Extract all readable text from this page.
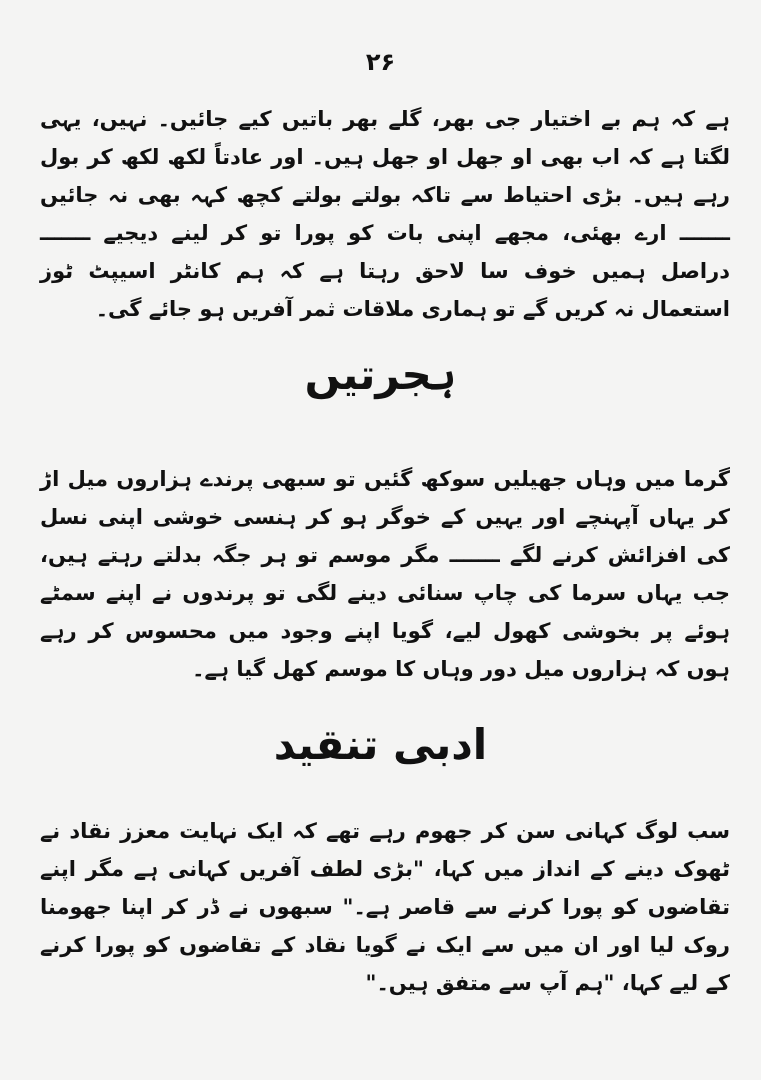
۲۶

ہے کہ ہم بے اختیار جی بھر، گلے بھر باتیں کیے جائیں۔ نہیں، یہی لگتا ہے کہ اب بھی او جھل او جھل ہیں۔ اور عادتاً لکھ لکھ کر بول رہے ہیں۔ بڑی احتیاط سے تاکہ بولتے بولتے کچھ کہہ بھی نہ جائیں ـــــــ ارے بھئی، مجھے اپنی بات کو پورا تو کر لینے دیجیے ـــــــ دراصل ہمیں خوف سا لاحق رہتا ہے کہ ہم کانٹر اسیپٹ ٹوز استعمال نہ کریں گے تو ہماری ملاقات ثمر آفریں ہو جائے گی۔

ہجرتیں

گرما میں وہاں جھیلیں سوکھ گئیں تو سبھی پرندے ہزاروں میل اڑ کر یہاں آپہنچے اور یہیں کے خوگر ہو کر ہنسی خوشی اپنی نسل کی افزائش کرنے لگے ـــــــ مگر موسم تو ہر جگہ بدلتے رہتے ہیں، جب یہاں سرما کی چاپ سنائی دینے لگی تو پرندوں نے اپنے سمٹے ہوئے پر بخوشی کھول لیے، گویا اپنے وجود میں محسوس کر رہے ہوں کہ ہزاروں میل دور وہاں کا موسم کھل گیا ہے۔

ادبی تنقید

سب لوگ کہانی سن کر جھوم رہے تھے کہ ایک نہایت معزز نقاد نے ٹھوک دینے کے انداز میں کہا، "بڑی لطف آفریں کہانی ہے مگر اپنے تقاضوں کو پورا کرنے سے قاصر ہے۔" سبھوں نے ڈر کر اپنا جھومنا روک لیا اور ان میں سے ایک نے گویا نقاد کے تقاضوں کو پورا کرنے کے لیے کہا، "ہم آپ سے متفق ہیں۔"
